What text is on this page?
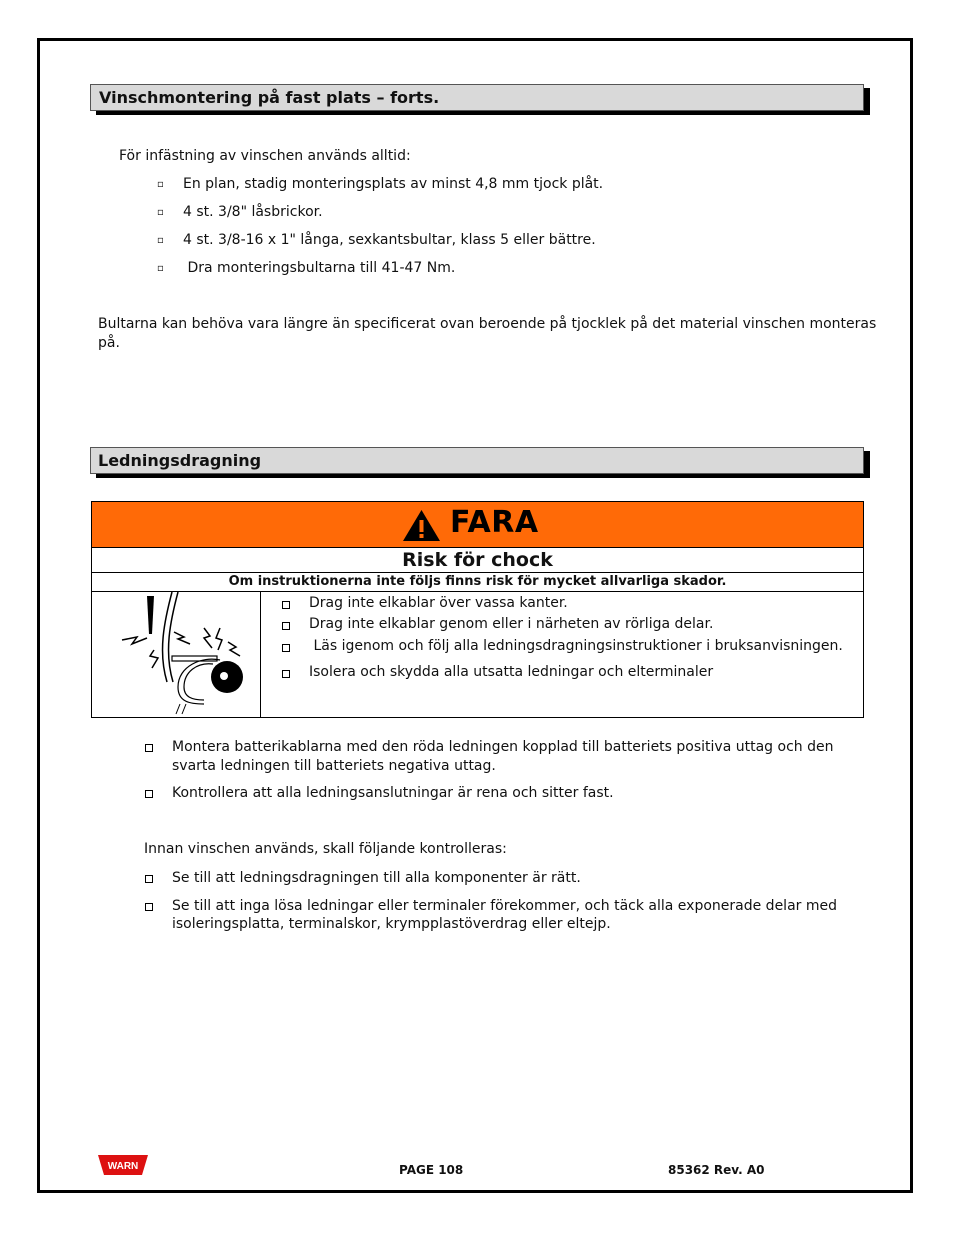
Vinschmontering på fast plats – forts.
För infästning av vinschen används alltid:
▫ En plan, stadig monteringsplats av minst 4,8 mm tjock plåt.
▫ 4 st. 3/8" låsbrickor.
▫ 4 st. 3/8-16 x 1" långa, sexkantsbultar, klass 5 eller bättre.
▫ Dra monteringsbultarna till 41-47 Nm.
Bultarna kan behöva vara längre än specificerat ovan beroende på tjocklek på det material vinschen monteras
på.
Ledningsdragning
FARA
Risk för chock
Om instruktionerna inte följs finns risk för mycket allvarliga skador.
Drag inte elkablar över vassa kanter.
Drag inte elkablar genom eller i närheten av rörliga delar.
Läs igenom och följ alla ledningsdragningsinstruktioner i bruksanvisningen.
Isolera och skydda alla utsatta ledningar och elterminaler
Montera batterikablarna med den röda ledningen kopplad till batteriets positiva uttag och den
svarta ledningen till batteriets negativa uttag.
Kontrollera att alla ledningsanslutningar är rena och sitter fast.
Innan vinschen används, skall följande kontrolleras:
Se till att ledningsdragningen till alla komponenter är rätt.
Se till att inga lösa ledningar eller terminaler förekommer, och täck alla exponerade delar med
isoleringsplatta, terminalskor, krympplastöverdrag eller eltejp.
WARN	PAGE 108	85362 Rev. A0
